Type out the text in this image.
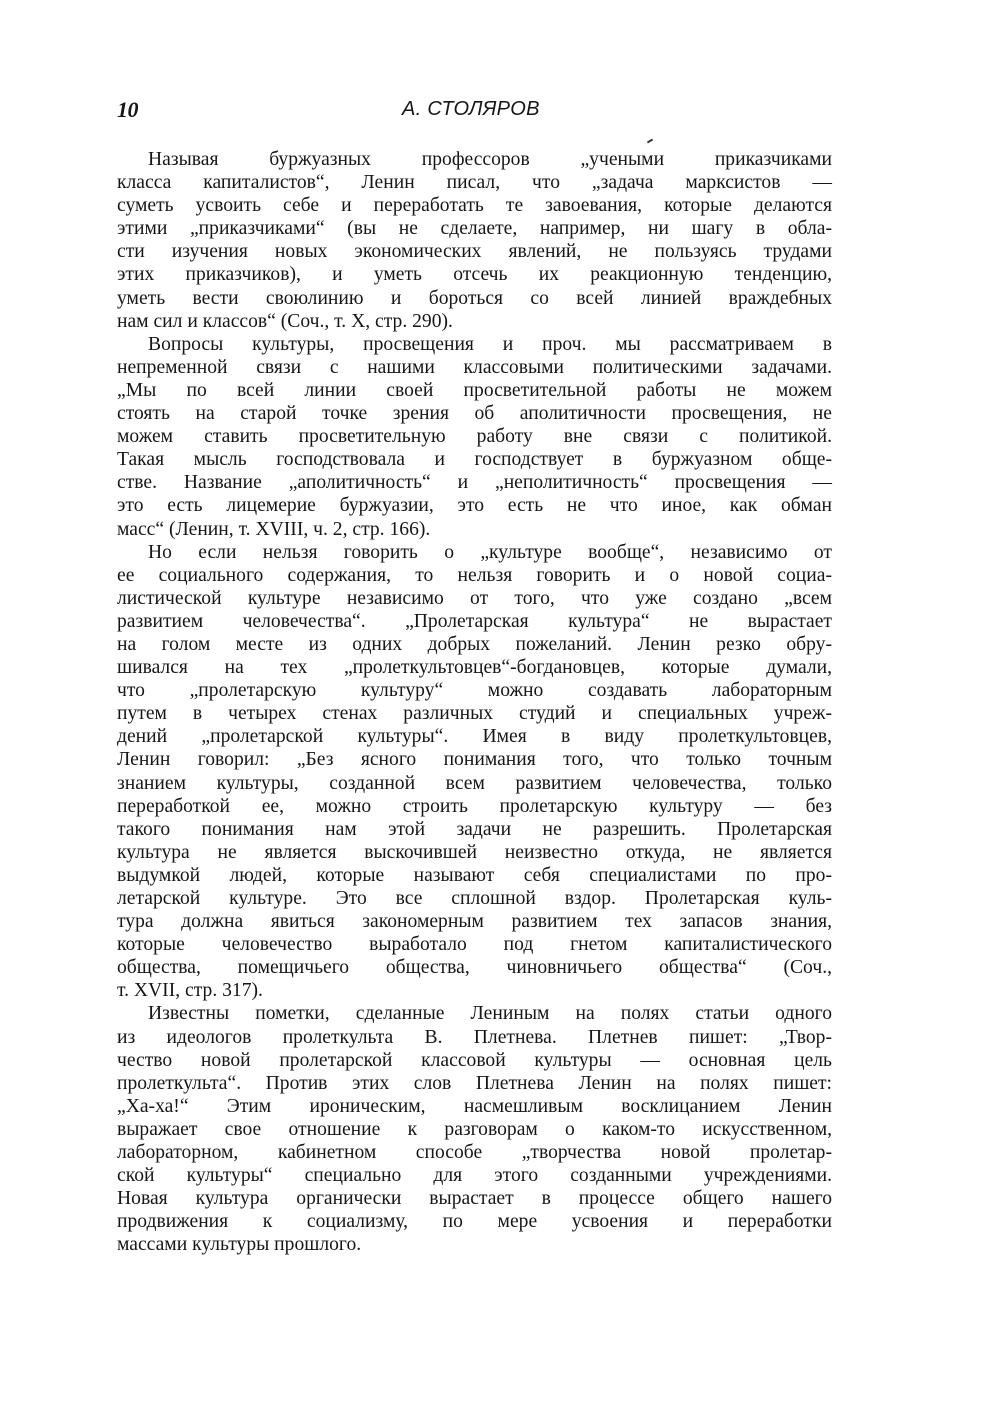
10	А. СТОЛЯРОВ

Называя буржуазных профессоров „учеными приказчиками
класса капиталистов“, Ленин писал, что „задача марксистов —
суметь усвоить себе и переработать те завоевания, которые делаются
этими „приказчиками“ (вы не сделаете, например, ни шагу в обла-
сти изучения новых экономических явлений, не пользуясь трудами
этих приказчиков), и уметь отсечь их реакционную тенденцию,
уметь вести своюлинию и бороться со всей линией враждебных
нам сил и классов“ (Соч., т. X, стр. 290).

Вопросы культуры, просвещения и проч. мы рассматриваем в
непременной связи с нашими классовыми политическими задачами.
„Мы по всей линии своей просветительной работы не можем
стоять на старой точке зрения об аполитичности просвещения, не
можем ставить просветительную работу вне связи с политикой.
Такая мысль господствовала и господствует в буржуазном обще-
стве. Название „аполитичность“ и „неполитичность“ просвещения —
это есть лицемерие буржуазии, это есть не что иное, как обман
масс“ (Ленин, т. XVIII, ч. 2, стр. 166).

Но если нельзя говорить о „культуре вообще“, независимо от
ее социального содержания, то нельзя говорить и о новой социа-
листической культуре независимо от того, что уже создано „всем
развитием человечества“. „Пролетарская культура“ не вырастает
на голом месте из одних добрых пожеланий. Ленин резко обру-
шивался на тех „пролеткультовцев“-богдановцев, которые думали,
что „пролетарскую культуру“ можно создавать лабораторным
путем в четырех стенах различных студий и специальных учреж-
дений „пролетарской культуры“. Имея в виду пролеткультовцев,
Ленин говорил: „Без ясного понимания того, что только точным
знанием культуры, созданной всем развитием человечества, только
переработкой ее, можно строить пролетарскую культуру — без
такого понимания нам этой задачи не разрешить. Пролетарская
культура не является выскочившей неизвестно откуда, не является
выдумкой людей, которые называют себя специалистами по про-
летарской культуре. Это все сплошной вздор. Пролетарская куль-
тура должна явиться закономерным развитием тех запасов знания,
которые человечество выработало под гнетом капиталистического
общества, помещичьего общества, чиновничьего общества“ (Соч.,
т. XVII, стр. 317).

Известны пометки, сделанные Лениным на полях статьи одного
из идеологов пролеткульта В. Плетнева. Плетнев пишет: „Твор-
чество новой пролетарской классовой культуры — основная цель
пролеткульта“. Против этих слов Плетнева Ленин на полях пишет:
„Ха-ха!“ Этим ироническим, насмешливым восклицанием Ленин
выражает свое отношение к разговорам о каком-то искусственном,
лабораторном, кабинетном способе „творчества новой пролетар-
ской культуры“ специально для этого созданными учреждениями.
Новая культура органически вырастает в процессе общего нашего
продвижения к социализму, по мере усвоения и переработки
массами культуры прошлого.
